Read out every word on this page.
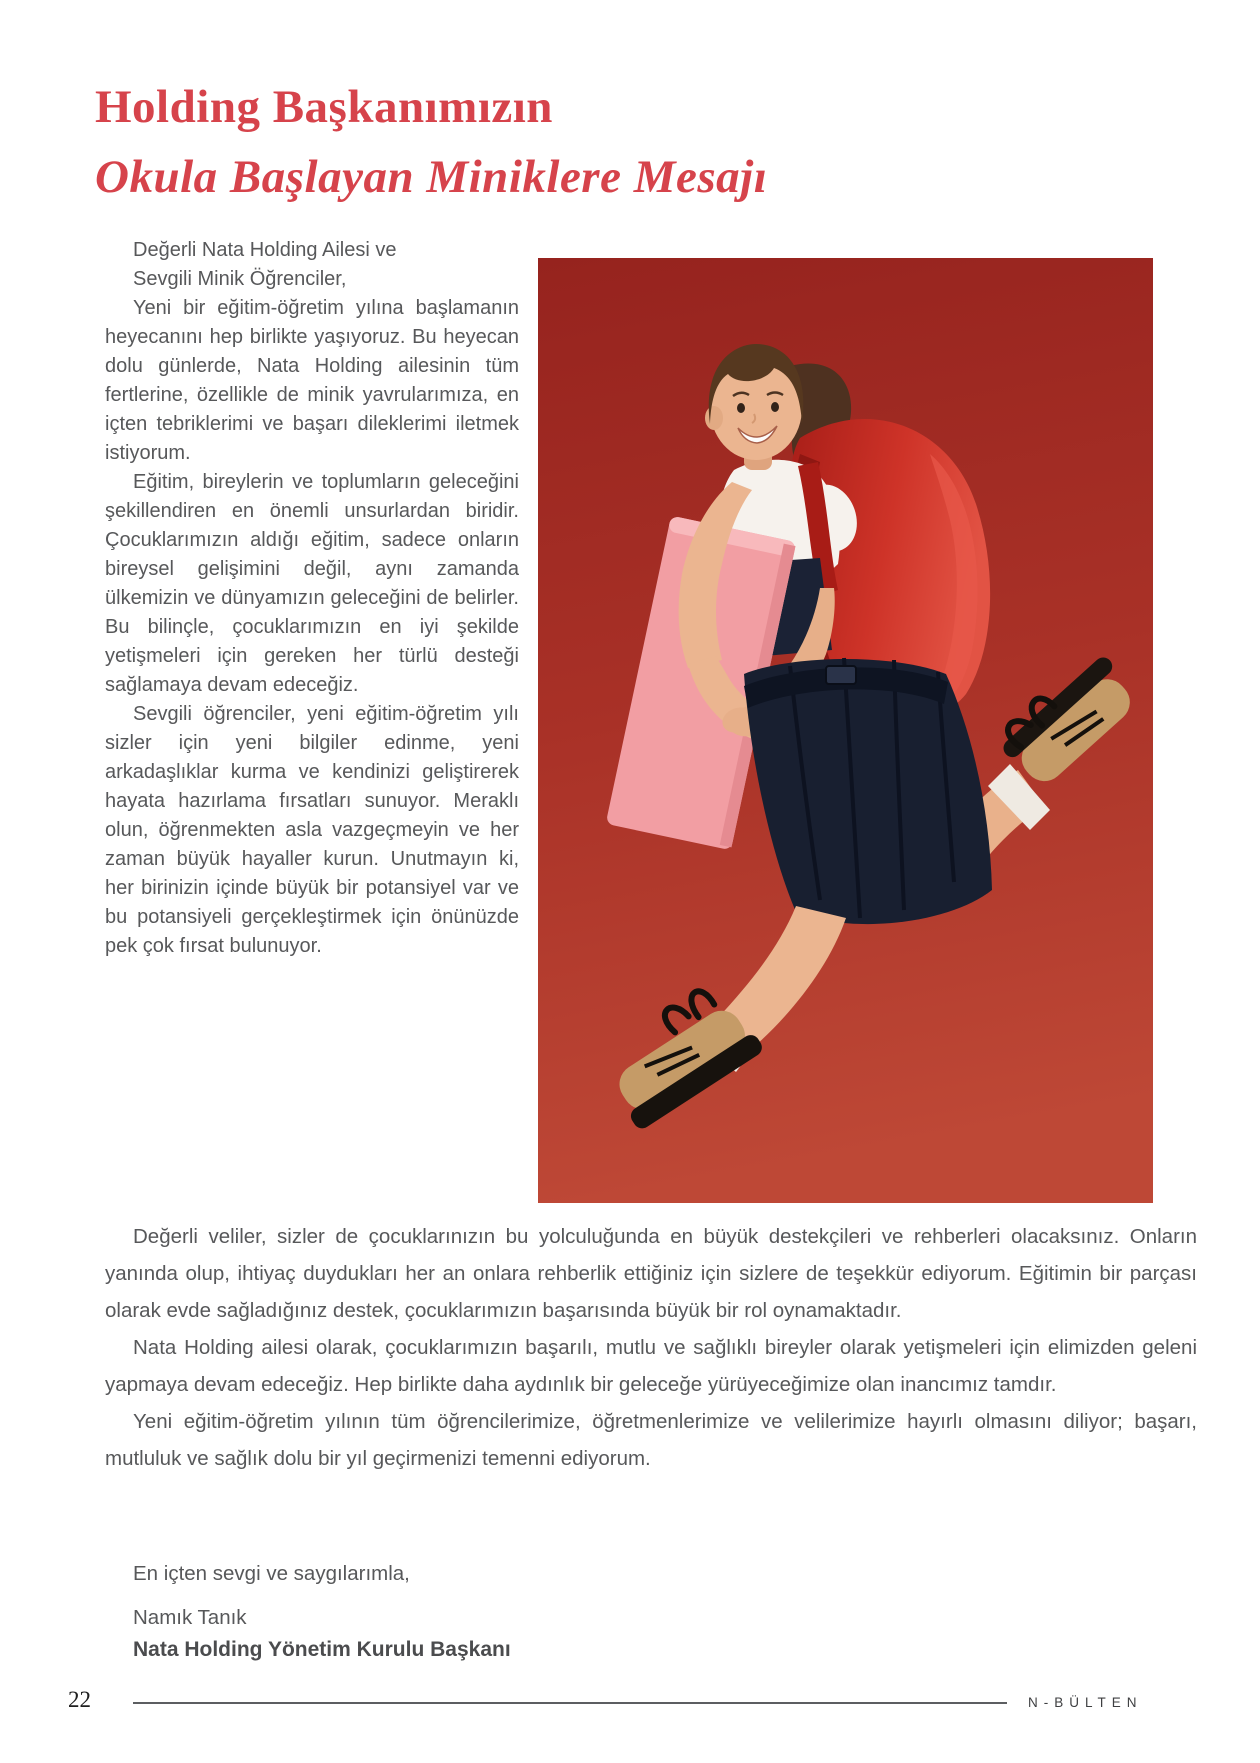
Holding Başkanımızın
Okula Başlayan Miniklere Mesajı
Değerli Nata Holding Ailesi ve
Sevgili Minik Öğrenciler,

Yeni bir eğitim-öğretim yılına başlamanın heyecanını hep birlikte yaşıyoruz. Bu heyecan dolu günlerde, Nata Holding ailesinin tüm fertlerine, özellikle de minik yavrularımıza, en içten tebriklerimi ve başarı dileklerimi iletmek istiyorum.

Eğitim, bireylerin ve toplumların geleceğini şekillendiren en önemli unsurlardan biridir. Çocuklarımızın aldığı eğitim, sadece onların bireysel gelişimini değil, aynı zamanda ülkemizin ve dünyamızın geleceğini de belirler. Bu bilinçle, çocuklarımızın en iyi şekilde yetişmeleri için gereken her türlü desteği sağlamaya devam edeceğiz.

Sevgili öğrenciler, yeni eğitim-öğretim yılı sizler için yeni bilgiler edinme, yeni arkadaşlıklar kurma ve kendinizi geliştirerek hayata hazırlama fırsatları sunuyor. Meraklı olun, öğrenmekten asla vazgeçmeyin ve her zaman büyük hayaller kurun. Unutmayın ki, her birinizin içinde büyük bir potansiyel var ve bu potansiyeli gerçekleştirmek için önünüzde pek çok fırsat bulunuyor.

Değerli veliler, sizler de çocuklarınızın bu yolculuğunda en büyük destekçileri ve rehberleri olacaksınız. Onların yanında olup, ihtiyaç duydukları her an onlara rehberlik ettiğiniz için sizlere de teşekkür ediyorum. Eğitimin bir parçası olarak evde sağladığınız destek, çocuklarımızın başarısında büyük bir rol oynamaktadır.

Nata Holding ailesi olarak, çocuklarımızın başarılı, mutlu ve sağlıklı bireyler olarak yetişmeleri için elimizden geleni yapmaya devam edeceğiz. Hep birlikte daha aydınlık bir geleceğe yürüyeceğimize olan inancımız tamdır.

Yeni eğitim-öğretim yılının tüm öğrencilerimize, öğretmenlerimize ve velilerimize hayırlı olmasını diliyor; başarı, mutluluk ve sağlık dolu bir yıl geçirmenizi temenni ediyorum.

En içten sevgi ve saygılarımla,
Namık Tanık
Nata Holding Yönetim Kurulu Başkanı
22	N-BÜLTEN
